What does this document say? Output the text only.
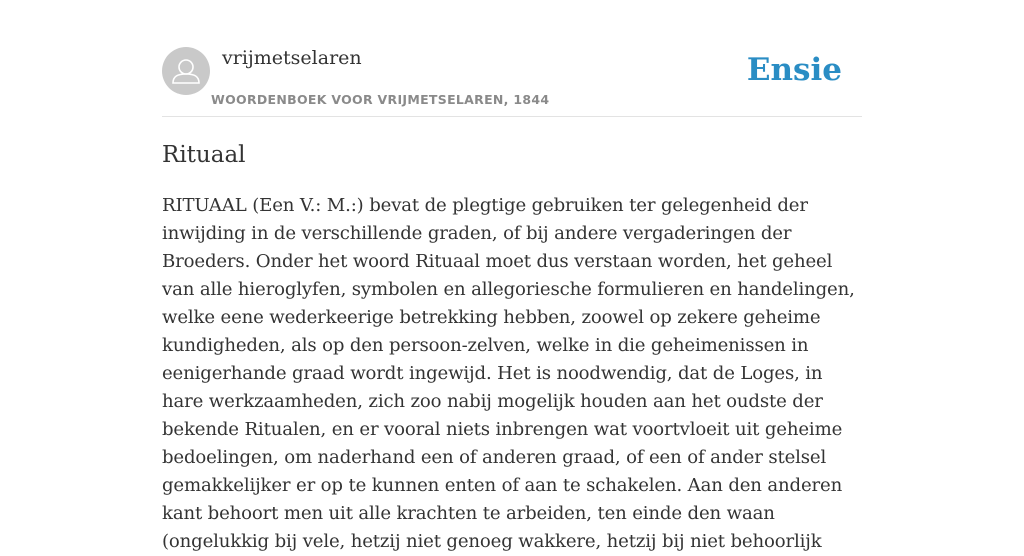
vrijmetselaren
WOORDENBOEK VOOR VRIJMETSELAREN, 1844
Ensie
Rituaal

RITUAAL (Een V.: M.:) bevat de plegtige gebruiken ter gelegenheid der inwijding in de verschillende graden, of bij andere vergaderingen der Broeders. Onder het woord Rituaal moet dus verstaan worden, het geheel van alle hieroglyfen, symbolen en allegoriesche formulieren en handelingen, welke eene wederkeerige betrekking hebben, zoowel op zekere geheime kundigheden, als op den persoon-zelven, welke in die geheimenissen in eenigerhande graad wordt ingewijd. Het is noodwendig, dat de Loges, in hare werkzaamheden, zich zoo nabij mogelijk houden aan het oudste der bekende Ritualen, en er vooral niets inbrengen wat voortvloeit uit geheime bedoelingen, om naderhand een of anderen graad, of een of ander stelsel gemakkelijker er op te kunnen enten of aan te schakelen. Aan den anderen kant behoort men uit alle krachten te arbeiden, ten einde den waan (ongelukkig bij vele, hetzij niet genoeg wakkere, hetzij bij niet behoorlijk
